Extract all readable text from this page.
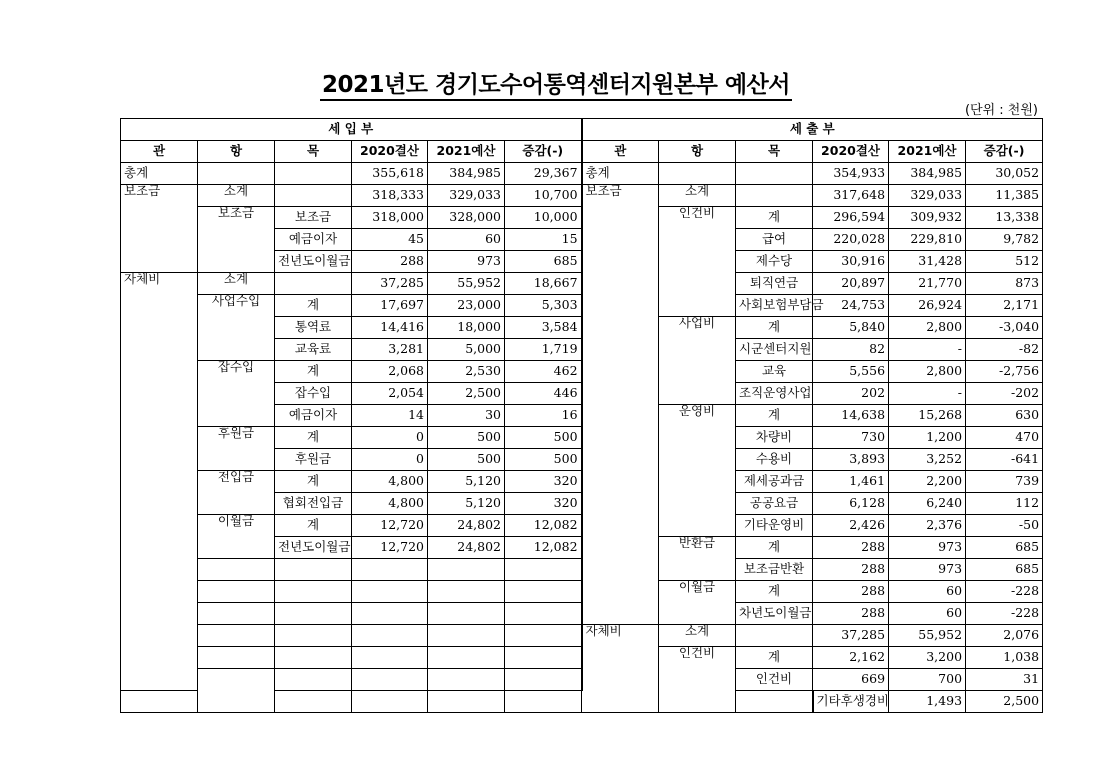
2021년도 경기도수어통역센터지원본부 예산서
(단위 : 천원)
세 입 부						세 출 부						
관	항	목	2020결산	2021예산	증감(-)	관	항	목	2020결산	2021예산	증감(-)	
총계			355,618	384,985	29,367	총계			354,933	384,985	30,052	
보조금	소계		318,333	329,033	10,700	보조금	소계		317,648	329,033	11,385	
	보조금	보조금	318,000	328,000	10,000		인건비	계	296,594	309,932	13,338	
		예금이자	45	60	15			급여	220,028	229,810	9,782	
		전년도이월금	288	973	685			제수당	30,916	31,428	512	
자체비	소계		37,285	55,952	18,667			퇴직연금	20,897	21,770	873	
	사업수입	계	17,697	23,000	5,303			사회보험부담금	24,753	26,924	2,171	
		통역료	14,416	18,000	3,584		사업비	계	5,840	2,800	-3,040	
		교육료	3,281	5,000	1,719			시군센터지원	82	-	-82	
	잡수입	계	2,068	2,530	462			교육	5,556	2,800	-2,756	
		잡수입	2,054	2,500	446			조직운영사업	202	-	-202	
		예금이자	14	30	16		운영비	계	14,638	15,268	630	
	후원금	계	0	500	500			차량비	730	1,200	470	
		후원금	0	500	500			수용비	3,893	3,252	-641	
	전입금	계	4,800	5,120	320			제세공과금	1,461	2,200	739	
		협회전입금	4,800	5,120	320			공공요금	6,128	6,240	112	
	이월금	계	12,720	24,802	12,082			기타운영비	2,426	2,376	-50	
		전년도이월금	12,720	24,802	12,082		반환금	계	288	973	685	
								보조금반환	288	973	685	
							이월금	계	288	60	-228	
								차년도이월금	288	60	-228	
						자체비	소계		37,285	55,952	2,076	
							인건비	계	2,162	3,200	1,038	
								인건비	669	700	31	
									기타후생경비	1,493	2,500	
